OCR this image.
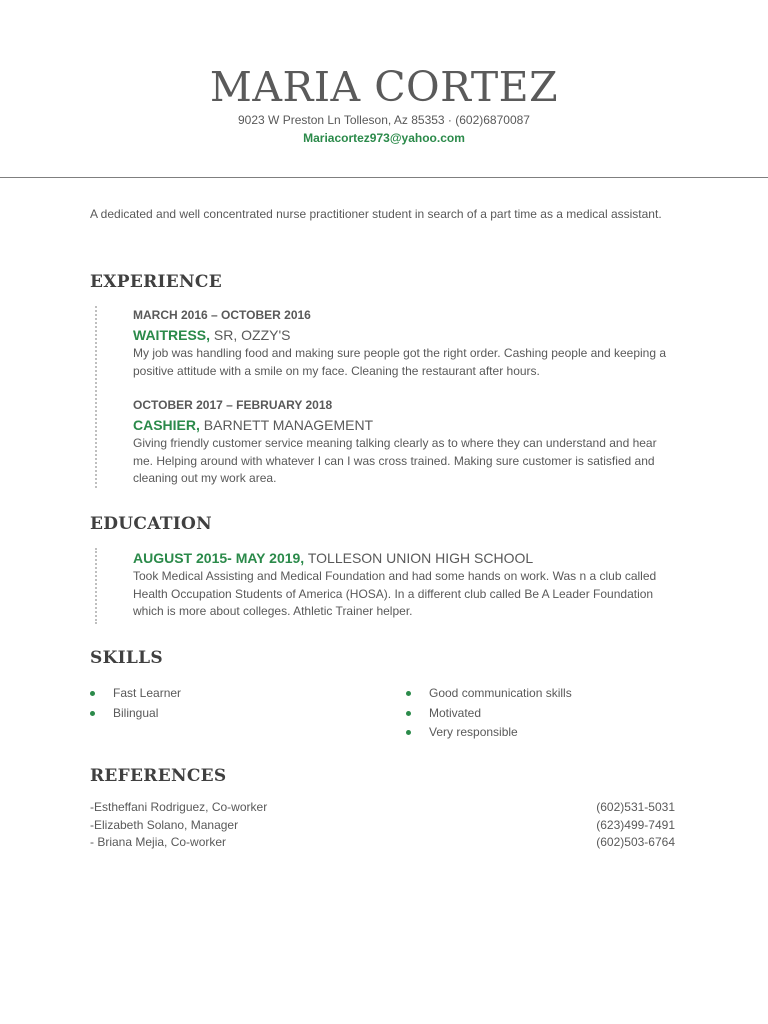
MARIA CORTEZ
9023 W Preston Ln Tolleson, Az 85353 · (602)6870087
Mariacortez973@yahoo.com
A dedicated and well concentrated nurse practitioner student in search of a part time as a medical assistant.
EXPERIENCE
MARCH 2016 – OCTOBER 2016
WAITRESS, SR, OZZY'S
My job was handling food and making sure people got the right order. Cashing people and keeping a positive attitude with a smile on my face. Cleaning the restaurant after hours.
OCTOBER 2017 – FEBRUARY 2018
CASHIER, BARNETT MANAGEMENT
Giving friendly customer service meaning talking clearly as to where they can understand and hear me. Helping around with whatever I can I was cross trained. Making sure customer is satisfied and cleaning out my work area.
EDUCATION
AUGUST 2015- MAY 2019, TOLLESON UNION HIGH SCHOOL
Took Medical Assisting and Medical Foundation and had some hands on work. Was n a club called Health Occupation Students of America (HOSA). In a different club called Be A Leader Foundation which is more about colleges. Athletic Trainer helper.
SKILLS
Fast Learner
Bilingual
Good communication skills
Motivated
Very responsible
REFERENCES
-Estheffani Rodriguez, Co-worker	(602)531-5031
-Elizabeth Solano, Manager	(623)499-7491
- Briana Mejia, Co-worker	(602)503-6764
